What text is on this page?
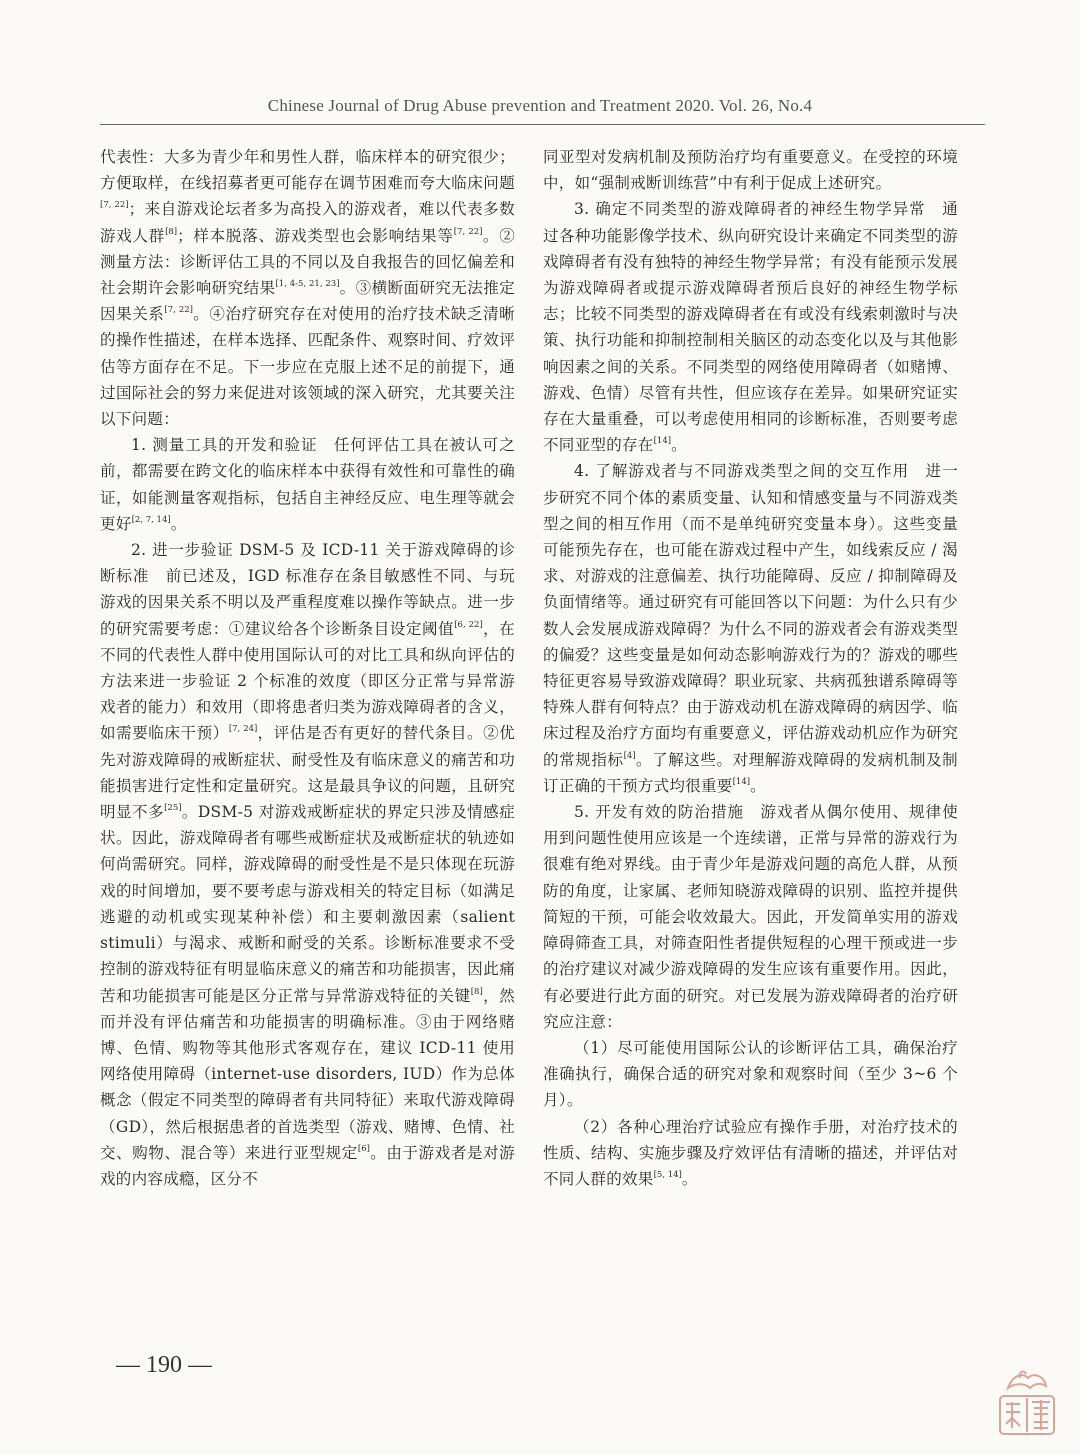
Chinese Journal of Drug Abuse prevention and Treatment 2020. Vol. 26, No.4

代表性：大多为青少年和男性人群，临床样本的研究很少；方便取样，在线招募者更可能存在调节困难而夸大临床问题[7, 22]；来自游戏论坛者多为高投入的游戏者，难以代表多数游戏人群[8]；样本脱落、游戏类型也会影响结果等[7, 22]。②测量方法：诊断评估工具的不同以及自我报告的回忆偏差和社会期许会影响研究结果[1, 4-5, 21, 23]。③横断面研究无法推定因果关系[7, 22]。④治疗研究存在对使用的治疗技术缺乏清晰的操作性描述，在样本选择、匹配条件、观察时间、疗效评估等方面存在不足。下一步应在克服上述不足的前提下，通过国际社会的努力来促进对该领域的深入研究，尤其要关注以下问题：

1. 测量工具的开发和验证　任何评估工具在被认可之前，都需要在跨文化的临床样本中获得有效性和可靠性的确证，如能测量客观指标，包括自主神经反应、电生理等就会更好[2, 7, 14]。

2. 进一步验证 DSM-5 及 ICD-11 关于游戏障碍的诊断标准　前已述及，IGD 标准存在条目敏感性不同、与玩游戏的因果关系不明以及严重程度难以操作等缺点。进一步的研究需要考虑：①建议给各个诊断条目设定阈值[6, 22]，在不同的代表性人群中使用国际认可的对比工具和纵向评估的方法来进一步验证 2 个标准的效度（即区分正常与异常游戏者的能力）和效用（即将患者归类为游戏障碍者的含义，如需要临床干预）[7, 24]，评估是否有更好的替代条目。②优先对游戏障碍的戒断症状、耐受性及有临床意义的痛苦和功能损害进行定性和定量研究。这是最具争议的问题，且研究明显不多[25]。DSM-5 对游戏戒断症状的界定只涉及情感症状。因此，游戏障碍者有哪些戒断症状及戒断症状的轨迹如何尚需研究。同样，游戏障碍的耐受性是不是只体现在玩游戏的时间增加，要不要考虑与游戏相关的特定目标（如满足逃避的动机或实现某种补偿）和主要刺激因素（salient stimuli）与渴求、戒断和耐受的关系。诊断标准要求不受控制的游戏特征有明显临床意义的痛苦和功能损害，因此痛苦和功能损害可能是区分正常与异常游戏特征的关键[8]，然而并没有评估痛苦和功能损害的明确标准。③由于网络赌博、色情、购物等其他形式客观存在，建议 ICD-11 使用网络使用障碍（internet-use disorders, IUD）作为总体概念（假定不同类型的障碍者有共同特征）来取代游戏障碍（GD），然后根据患者的首选类型（游戏、赌博、色情、社交、购物、混合等）来进行亚型规定[6]。由于游戏者是对游戏的内容成瘾，区分不

同亚型对发病机制及预防治疗均有重要意义。在受控的环境中，如“强制戒断训练营”中有利于促成上述研究。

3. 确定不同类型的游戏障碍者的神经生物学异常　通过各种功能影像学技术、纵向研究设计来确定不同类型的游戏障碍者有没有独特的神经生物学异常；有没有能预示发展为游戏障碍者或提示游戏障碍者预后良好的神经生物学标志；比较不同类型的游戏障碍者在有或没有线索刺激时与决策、执行功能和抑制控制相关脑区的动态变化以及与其他影响因素之间的关系。不同类型的网络使用障碍者（如赌博、游戏、色情）尽管有共性，但应该存在差异。如果研究证实存在大量重叠，可以考虑使用相同的诊断标准，否则要考虑不同亚型的存在[14]。

4. 了解游戏者与不同游戏类型之间的交互作用　进一步研究不同个体的素质变量、认知和情感变量与不同游戏类型之间的相互作用（而不是单纯研究变量本身）。这些变量可能预先存在，也可能在游戏过程中产生，如线索反应 / 渴求、对游戏的注意偏差、执行功能障碍、反应 / 抑制障碍及负面情绪等。通过研究有可能回答以下问题：为什么只有少数人会发展成游戏障碍？为什么不同的游戏者会有游戏类型的偏爱？这些变量是如何动态影响游戏行为的？游戏的哪些特征更容易导致游戏障碍？职业玩家、共病孤独谱系障碍等特殊人群有何特点？由于游戏动机在游戏障碍的病因学、临床过程及治疗方面均有重要意义，评估游戏动机应作为研究的常规指标[4]。了解这些。对理解游戏障碍的发病机制及制订正确的干预方式均很重要[14]。

5. 开发有效的防治措施　游戏者从偶尔使用、规律使用到问题性使用应该是一个连续谱，正常与异常的游戏行为很难有绝对界线。由于青少年是游戏问题的高危人群，从预防的角度，让家属、老师知晓游戏障碍的识别、监控并提供简短的干预，可能会收效最大。因此，开发简单实用的游戏障碍筛查工具，对筛查阳性者提供短程的心理干预或进一步的治疗建议对减少游戏障碍的发生应该有重要作用。因此，有必要进行此方面的研究。对已发展为游戏障碍者的治疗研究应注意：

（1）尽可能使用国际公认的诊断评估工具，确保治疗准确执行，确保合适的研究对象和观察时间（至少 3~6 个月）。

（2）各种心理治疗试验应有操作手册，对治疗技术的性质、结构、实施步骤及疗效评估有清晰的描述，并评估对不同人群的效果[5, 14]。

— 190 —
